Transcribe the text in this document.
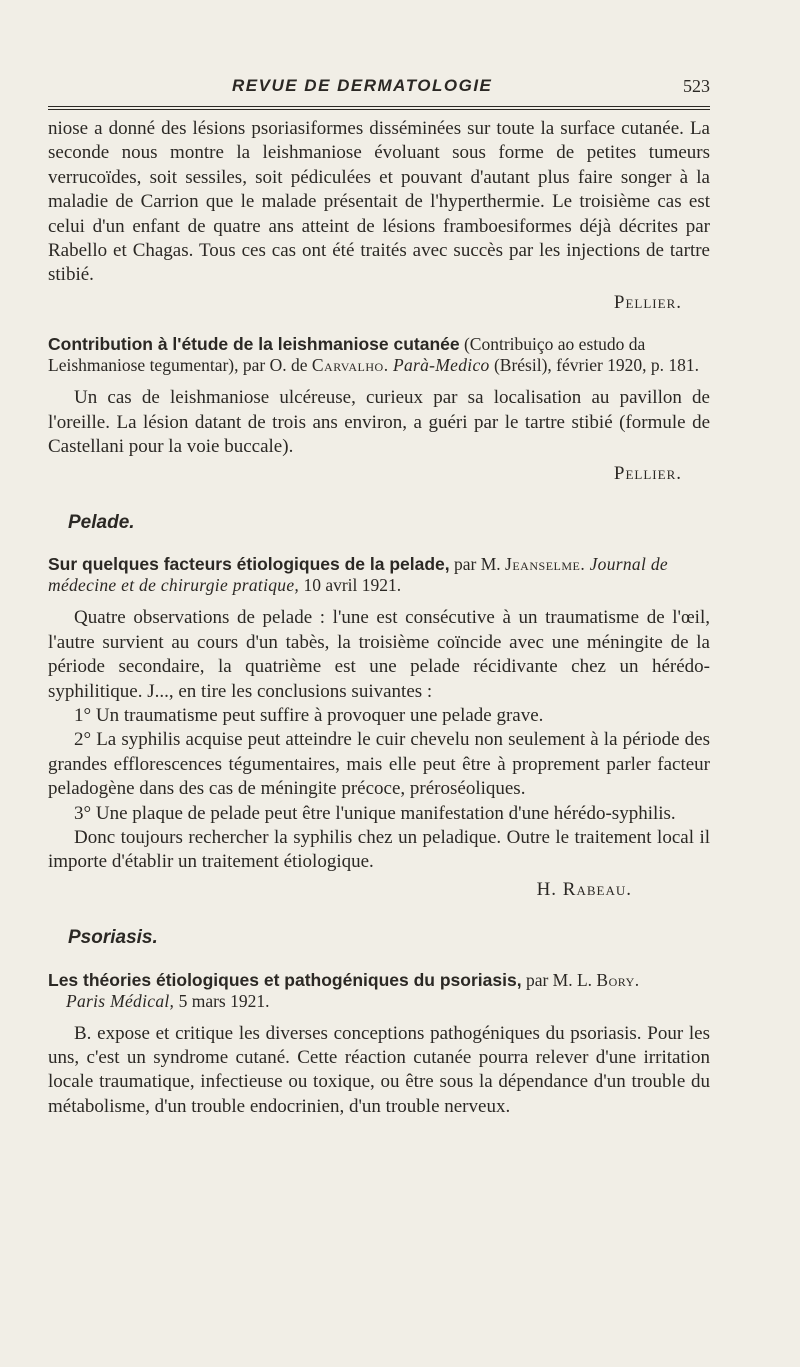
REVUE DE DERMATOLOGIE	523

niose a donné des lésions psoriasiformes disséminées sur toute la surface cutanée. La seconde nous montre la leishmaniose évoluant sous forme de petites tumeurs verrucoïdes, soit sessiles, soit pédiculées et pouvant d'autant plus faire songer à la maladie de Carrion que le malade présentait de l'hyperthermie. Le troisième cas est celui d'un enfant de quatre ans atteint de lésions framboesiformes déjà décrites par Rabello et Chagas. Tous ces cas ont été traités avec succès par les injections de tartre stibié.

Pellier.

Contribution à l'étude de la leishmaniose cutanée (Contribuiço ao estudo da Leishmaniose tegumentar), par O. de Carvalho. Parà-Medico (Brésil), février 1920, p. 181.

Un cas de leishmaniose ulcéreuse, curieux par sa localisation au pavillon de l'oreille. La lésion datant de trois ans environ, a guéri par le tartre stibié (formule de Castellani pour la voie buccale).

Pellier.

Pelade.
Sur quelques facteurs étiologiques de la pelade, par M. Jeanselme. Journal de médecine et de chirurgie pratique, 10 avril 1921.

Quatre observations de pelade : l'une est consécutive à un traumatisme de l'œil, l'autre survient au cours d'un tabès, la troisième coïncide avec une méningite de la période secondaire, la quatrième est une pelade récidivante chez un hérédo-syphilitique. J..., en tire les conclusions suivantes :

1° Un traumatisme peut suffire à provoquer une pelade grave.

2° La syphilis acquise peut atteindre le cuir chevelu non seulement à la période des grandes efflorescences tégumentaires, mais elle peut être à proprement parler facteur peladogène dans des cas de méningite précoce, préroséoliques.

3° Une plaque de pelade peut être l'unique manifestation d'une hérédo-syphilis.

Donc toujours rechercher la syphilis chez un peladique. Outre le traitement local il importe d'établir un traitement étiologique.

H. Rabeau.

Psoriasis.
Les théories étiologiques et pathogéniques du psoriasis, par M. L. Bory.
Paris Médical, 5 mars 1921.

B. expose et critique les diverses conceptions pathogéniques du psoriasis. Pour les uns, c'est un syndrome cutané. Cette réaction cutanée pourra relever d'une irritation locale traumatique, infectieuse ou toxique, ou être sous la dépendance d'un trouble du métabolisme, d'un trouble endocrinien, d'un trouble nerveux.
